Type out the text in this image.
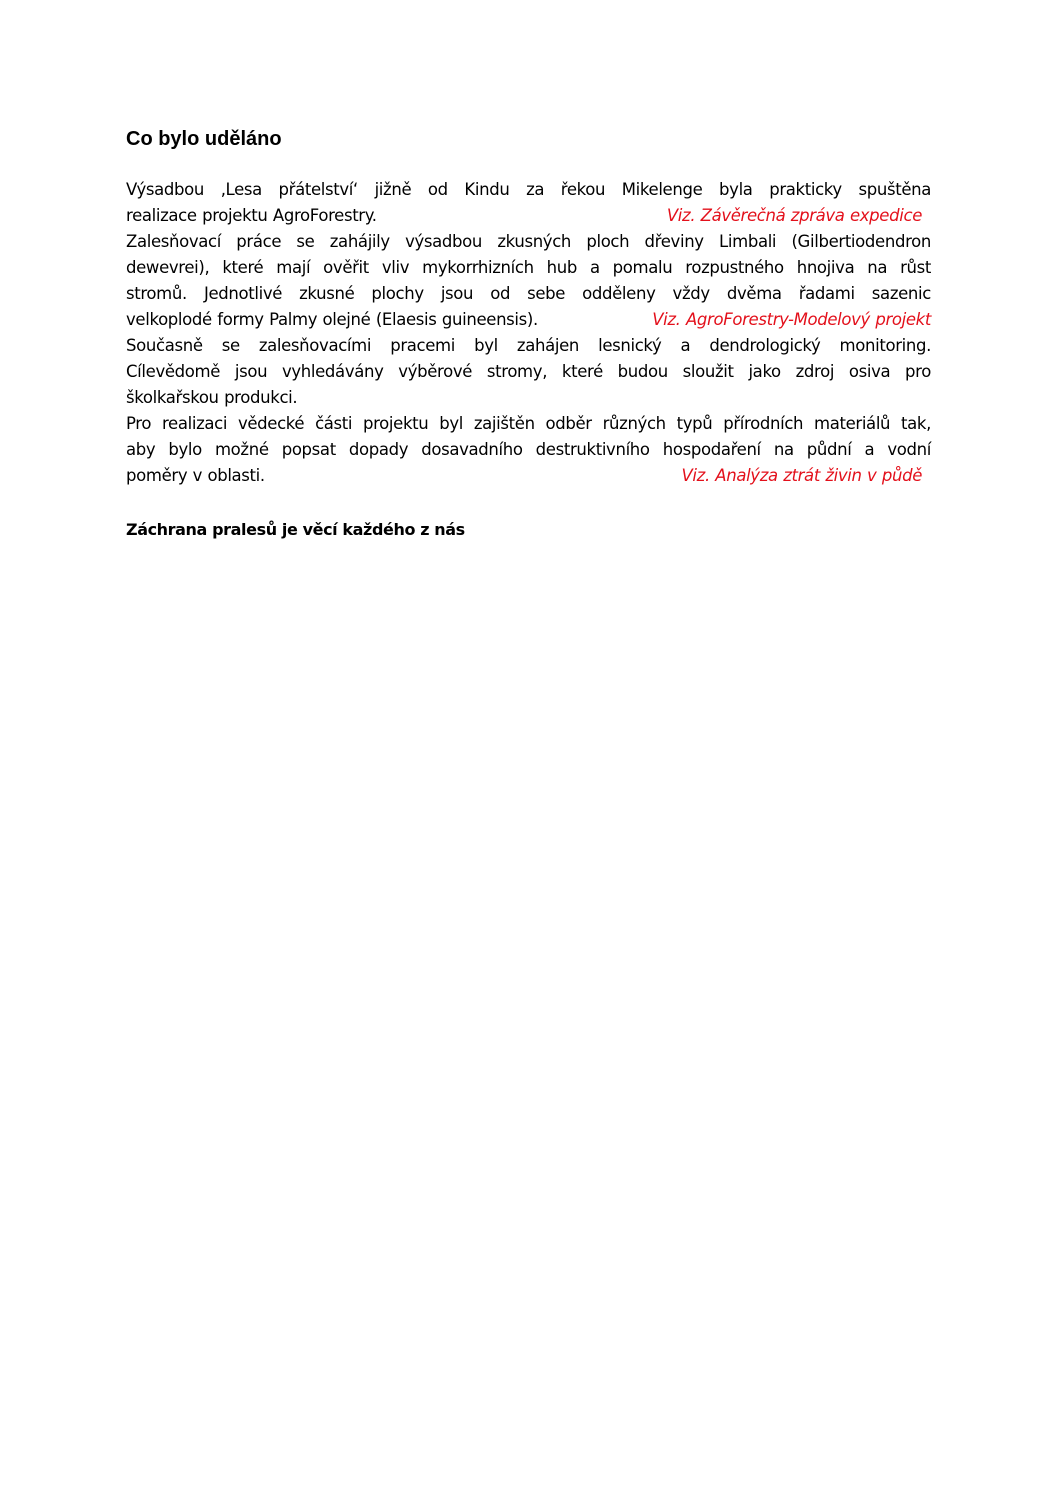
Co bylo uděláno
Výsadbou ‚Lesa přátelství‘ jižně od Kindu za řekou Mikelenge byla prakticky spuštěna
realizace projektu AgroForestry.	Viz. Závěrečná zpráva expedice
Zalesňovací práce se zahájily výsadbou zkusných ploch dřeviny Limbali (Gilbertiodendron
dewevrei), které mají ověřit vliv mykorrhizních hub a pomalu rozpustného hnojiva na růst
stromů. Jednotlivé zkusné plochy jsou od sebe odděleny vždy dvěma řadami sazenic
velkoplodé formy Palmy olejné (Elaesis guineensis).	Viz. AgroForestry-Modelový projekt
Současně se zalesňovacími pracemi byl zahájen lesnický a dendrologický monitoring.
Cílevědomě jsou vyhledávány výběrové stromy, které budou sloužit jako zdroj osiva pro
školkařskou produkci.
Pro realizaci vědecké části projektu byl zajištěn odběr různých typů přírodních materiálů tak,
aby bylo možné popsat dopady dosavadního destruktivního hospodaření na půdní a vodní
poměry v oblasti.	Viz. Analýza ztrát živin v půdě

Záchrana pralesů je věcí každého z nás
